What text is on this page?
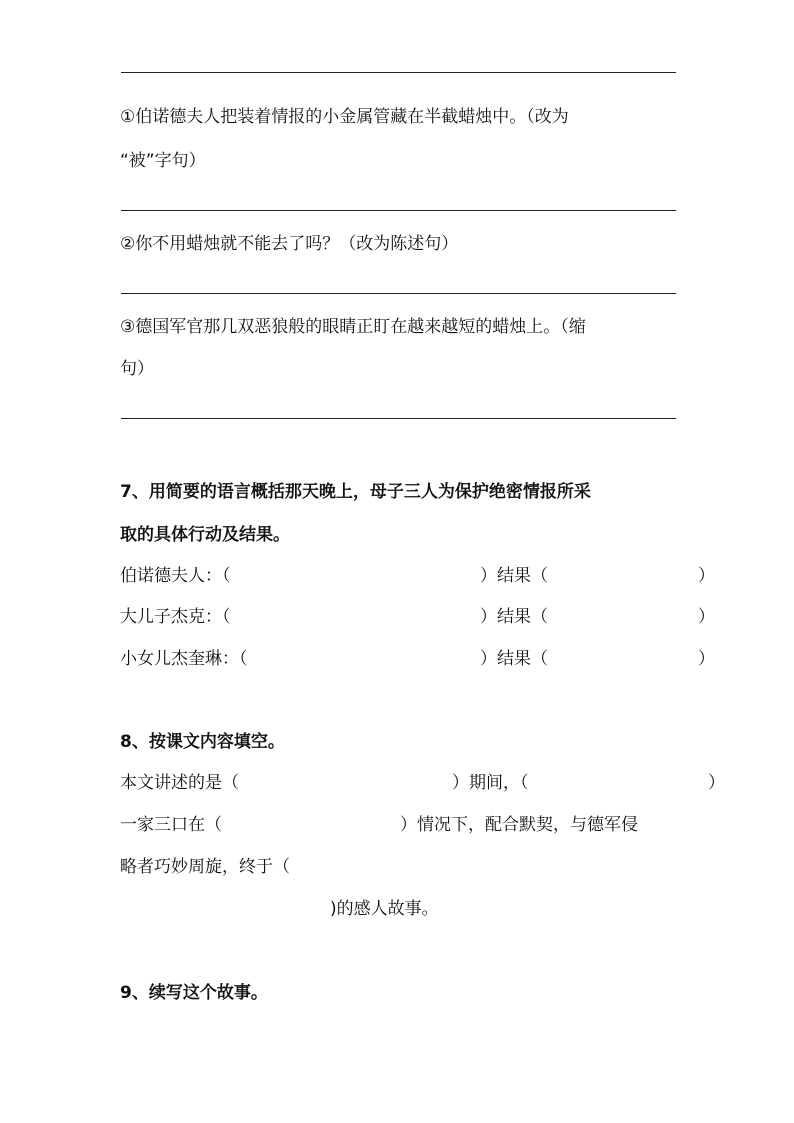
①伯诺德夫人把装着情报的小金属管藏在半截蜡烛中。（改为
“被”字句）
②你不用蜡烛就不能去了吗？（改为陈述句）
③德国军官那几双恶狼般的眼睛正盯在越来越短的蜡烛上。（缩
句）
7、用简要的语言概括那天晚上，母子三人为保护绝密情报所采
取的具体行动及结果。
伯诺德夫人：（	）结果（	）
大儿子杰克：（	）结果（	）
小女儿杰奎琳：（	）结果（	）
8、按课文内容填空。
本文讲述的是（	）期间，（	）
一家三口在（	）情况下，配合默契，与德军侵
略者巧妙周旋，终于（
)的感人故事。
9、续写这个故事。
